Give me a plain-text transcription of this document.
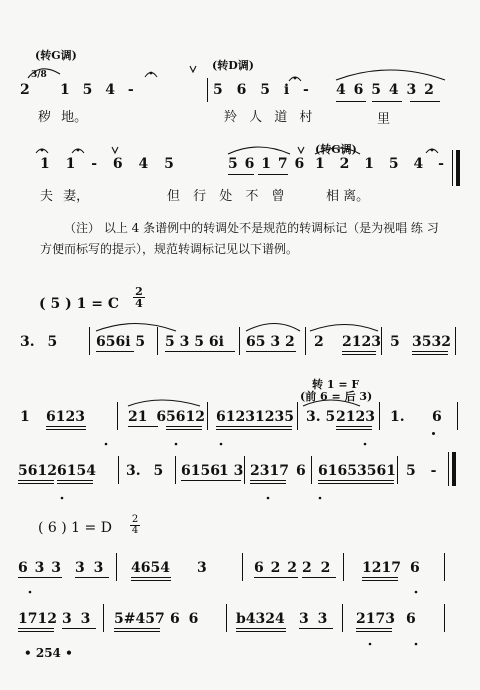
(转G调)
(转D调)
3/8
2 1 5 4 -	5 6 5 i - 4 6 5 4 3 2
秽 地。	羚 人 道 村	里
(转G调)
1 1 - 6 4 5	5 6 1 7 6 1 2 1 5 4 -
夫 妻，	但 行 处 不 曾	相 离。
（注） 以上 4 条谱例中的转调处不是规范的转调标记（是为视唱 练 习
方便而标写的提示），规范转调标记见以下谱例。
( 5 ) 1 = C
2
4
3. 5	656i 5 5 3 5 6i 65 3 2 2 2123 5 3532
转 1 = F
(前 6 = 后 3)
1 6123	21 6 5612 6123 1235 3. 5 2123 1. 6
5612 6154 3. 5 6156 1 3 2317 6 6165 3561 5 -
( 6 ) 1 = D
2
4
6 3 3 3 3 4654 3	6 2 2 2 2 1217 6
1712 3 3 5#457 6 6	b4324 3 3 2173 6
• 254 •
